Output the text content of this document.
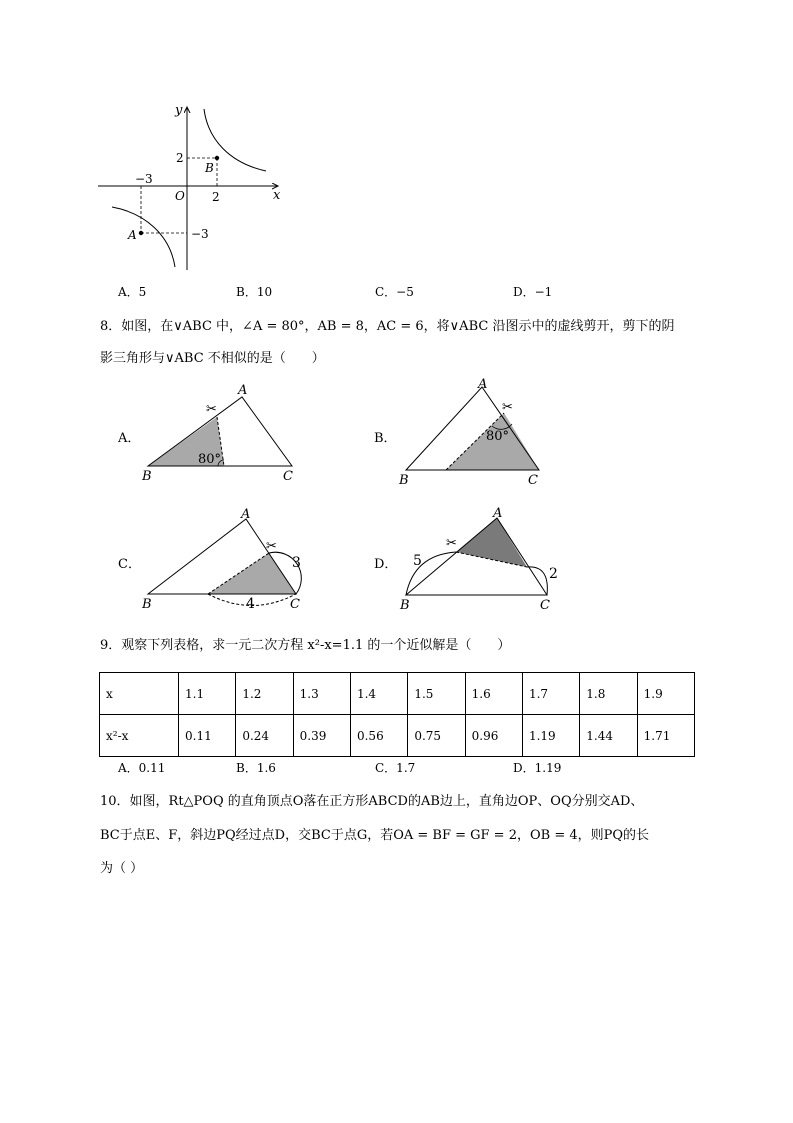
y
x
O
2
2
−3
−3
B
A
A．5	B．10	C．−5	D．−1
8．如图，在∨ABC 中，∠A = 80°，AB = 8，AC = 6，将∨ABC 沿图示中的虚线剪开，剪下的阴
影三角形与∨ABC 不相似的是（　　）
A．
✂
80°
A
B	C
B．
✂
80°
A
B	C
C．
✂
3
4
A
B	C
D．
✂
5
2
A
B	C
9．观察下列表格，求一元二次方程 x²-x=1.1 的一个近似解是（　　）
x	1.1	1.2	1.3	1.4	1.5	1.6	1.7	1.8	1.9
x²-x	0.11	0.24	0.39	0.56	0.75	0.96	1.19	1.44	1.71
A．0.11	B．1.6	C．1.7	D．1.19
10．如图，Rt△POQ 的直角顶点O落在正方形ABCD的AB边上，直角边OP、OQ分别交AD、
BC于点E、F，斜边PQ经过点D，交BC于点G，若OA = BF = GF = 2，OB = 4，则PQ的长
为（ ）
